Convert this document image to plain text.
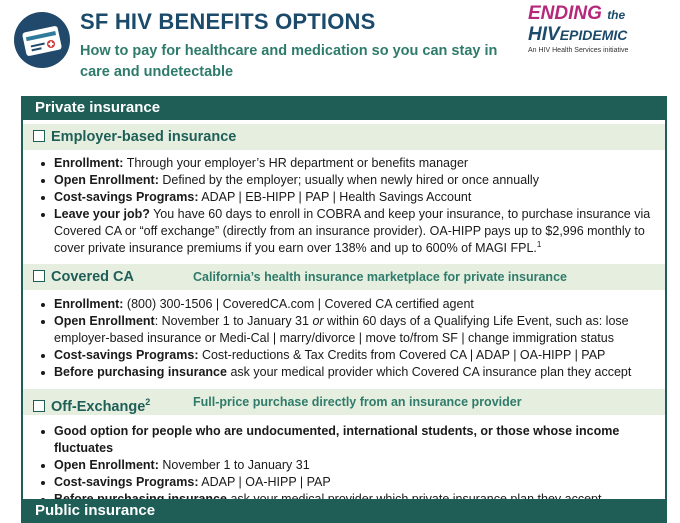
SF HIV BENEFITS OPTIONS
How to pay for healthcare and medication so you can stay in care and undetectable
ENDING the
HIVEPIDEMIC
An HIV Health Services initiative
Private insurance
Employer-based insurance
Enrollment: Through your employer’s HR department or benefits manager
Open Enrollment: Defined by the employer; usually when newly hired or once annually
Cost-savings Programs: ADAP | EB-HIPP | PAP | Health Savings Account
Leave your job? You have 60 days to enroll in COBRA and keep your insurance, to purchase insurance via Covered CA or “off exchange” (directly from an insurance provider). OA-HIPP pays up to $2,996 monthly to cover private insurance premiums if you earn over 138% and up to 600% of MAGI FPL.$^1$
Covered CA	California’s health insurance marketplace for private insurance
Enrollment: (800) 300-1506 | CoveredCA.com | Covered CA certified agent
Open Enrollment: November 1 to January 31 or within 60 days of a Qualifying Life Event, such as: lose employer-based insurance or Medi-Cal | marry/divorce | move to/from SF | change immigration status
Cost-savings Programs: Cost-reductions & Tax Credits from Covered CA | ADAP | OA-HIPP | PAP
Before purchasing insurance ask your medical provider which Covered CA insurance plan they accept
Off-Exchange$^2$	Full-price purchase directly from an insurance provider
Good option for people who are undocumented, international students, or those whose income fluctuates
Open Enrollment: November 1 to January 31
Cost-savings Programs: ADAP | OA-HIPP | PAP
Public insurance
